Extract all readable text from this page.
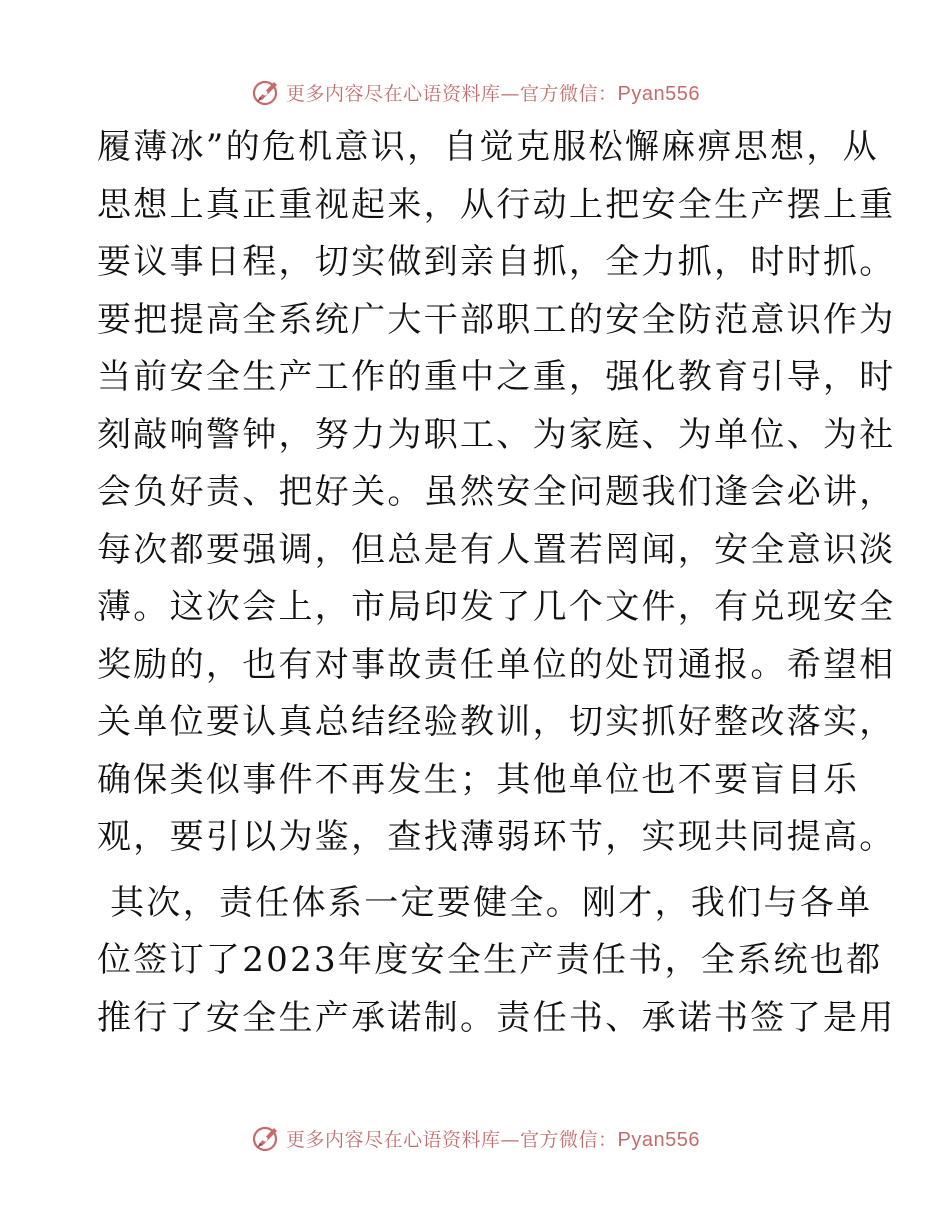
更多内容尽在心语资料库—官方微信：Pyan556
履薄冰”的危机意识，自觉克服松懈麻痹思想，从
思想上真正重视起来，从行动上把安全生产摆上重
要议事日程，切实做到亲自抓，全力抓，时时抓。
要把提高全系统广大干部职工的安全防范意识作为
当前安全生产工作的重中之重，强化教育引导，时
刻敲响警钟，努力为职工、为家庭、为单位、为社
会负好责、把好关。虽然安全问题我们逢会必讲，
每次都要强调，但总是有人置若罔闻，安全意识淡
薄。这次会上，市局印发了几个文件，有兑现安全
奖励的，也有对事故责任单位的处罚通报。希望相
关单位要认真总结经验教训，切实抓好整改落实，
确保类似事件不再发生；其他单位也不要盲目乐
观，要引以为鉴，查找薄弱环节，实现共同提高。
其次，责任体系一定要健全。刚才，我们与各单
位签订了2023年度安全生产责任书，全系统也都
推行了安全生产承诺制。责任书、承诺书签了是用
更多内容尽在心语资料库—官方微信：Pyan556
